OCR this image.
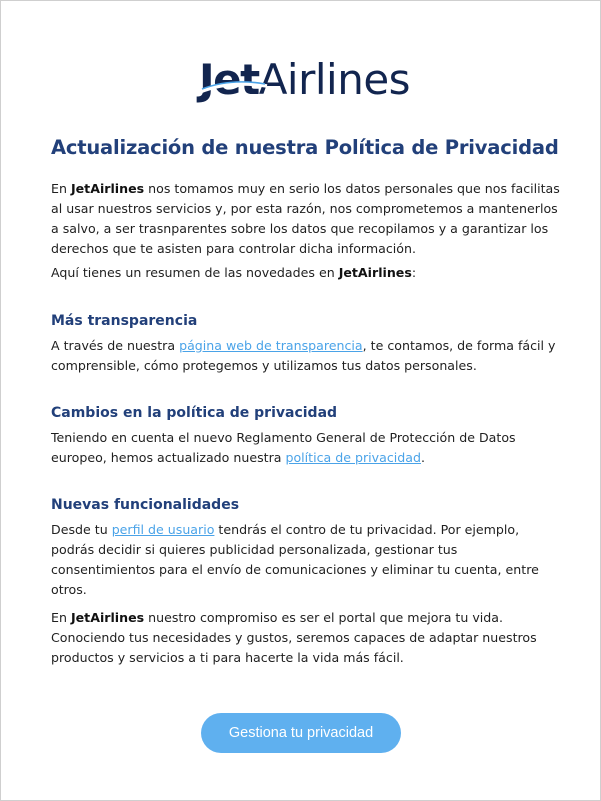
JetAirlines
Actualización de nuestra Política de Privacidad

En JetAirlines nos tomamos muy en serio los datos personales que nos facilitas al usar nuestros servicios y, por esta razón, nos comprometemos a mantenerlos a salvo, a ser trasnparentes sobre los datos que recopilamos y a garantizar los derechos que te asisten para controlar dicha información.

Aquí tienes un resumen de las novedades en JetAirlines:

Más transparencia

A través de nuestra página web de transparencia, te contamos, de forma fácil y comprensible, cómo protegemos y utilizamos tus datos personales.

Cambios en la política de privacidad

Teniendo en cuenta el nuevo Reglamento General de Protección de Datos europeo, hemos actualizado nuestra política de privacidad.

Nuevas funcionalidades

Desde tu perfil de usuario tendrás el contro de tu privacidad. Por ejemplo, podrás decidir si quieres publicidad personalizada, gestionar tus consentimientos para el envío de comunicaciones y eliminar tu cuenta, entre otros.

En JetAirlines nuestro compromiso es ser el portal que mejora tu vida. Conociendo tus necesidades y gustos, seremos capaces de adaptar nuestros productos y servicios a ti para hacerte la vida más fácil.

Gestiona tu privacidad
